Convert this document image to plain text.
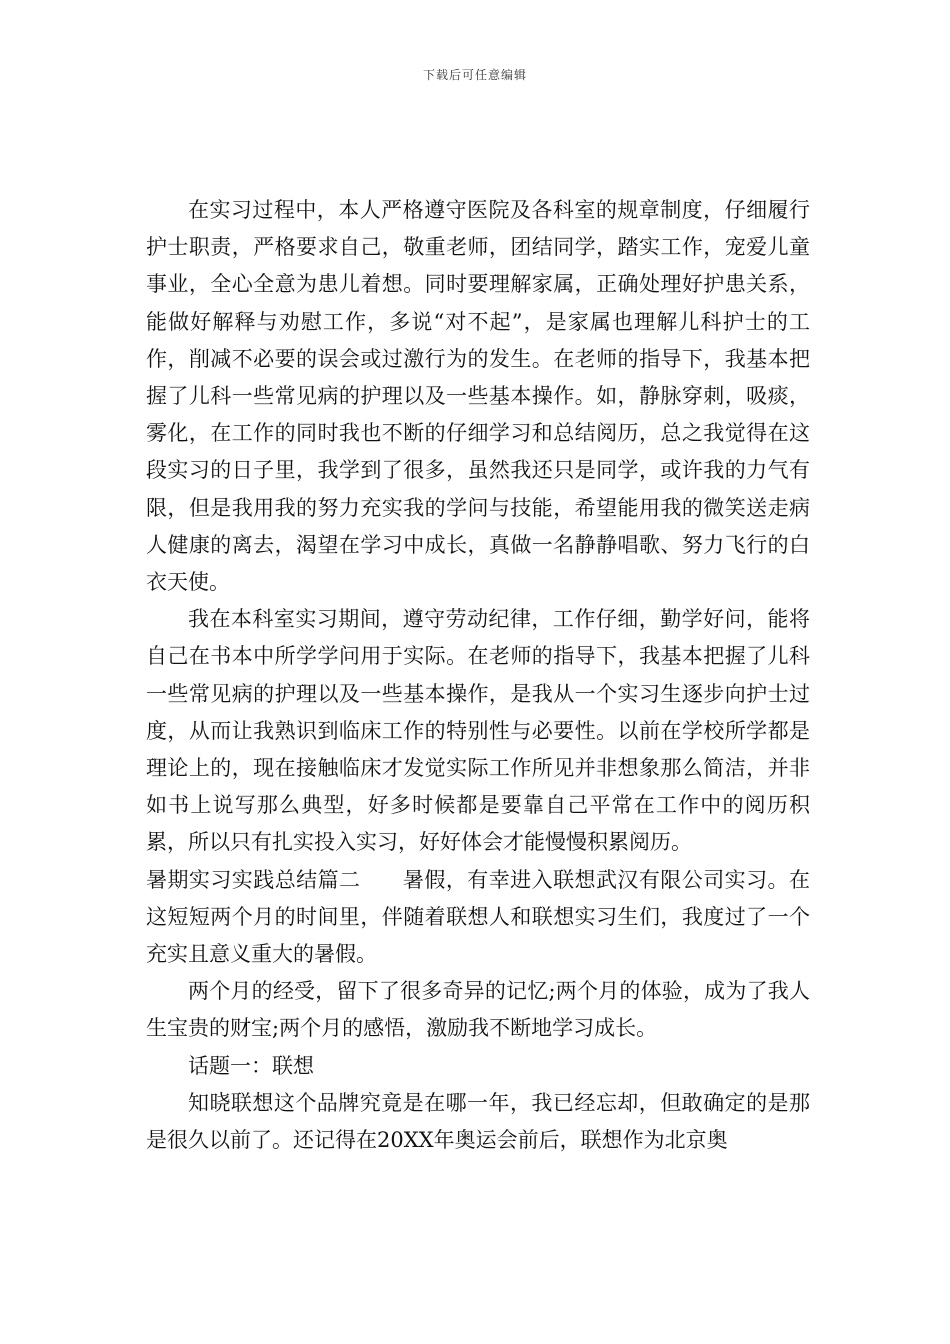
下载后可任意编辑

在实习过程中，本人严格遵守医院及各科室的规章制度，仔细履行护士职责，严格要求自己，敬重老师，团结同学，踏实工作，宠爱儿童事业，全心全意为患儿着想。同时要理解家属，正确处理好护患关系，能做好解释与劝慰工作，多说“对不起”，是家属也理解儿科护士的工作，削减不必要的误会或过激行为的发生。在老师的指导下，我基本把握了儿科一些常见病的护理以及一些基本操作。如，静脉穿刺，吸痰，雾化，在工作的同时我也不断的仔细学习和总结阅历，总之我觉得在这段实习的日子里，我学到了很多，虽然我还只是同学，或许我的力气有限，但是我用我的努力充实我的学问与技能，希望能用我的微笑送走病人健康的离去，渴望在学习中成长，真做一名静静唱歌、努力飞行的白衣天使。

我在本科室实习期间，遵守劳动纪律，工作仔细，勤学好问，能将自己在书本中所学学问用于实际。在老师的指导下，我基本把握了儿科一些常见病的护理以及一些基本操作，是我从一个实习生逐步向护士过度，从而让我熟识到临床工作的特别性与必要性。以前在学校所学都是理论上的，现在接触临床才发觉实际工作所见并非想象那么简洁，并非如书上说写那么典型，好多时候都是要靠自己平常在工作中的阅历积累，所以只有扎实投入实习，好好体会才能慢慢积累阅历。

暑期实习实践总结篇二 暑假，有幸进入联想武汉有限公司实习。在这短短两个月的时间里，伴随着联想人和联想实习生们，我度过了一个充实且意义重大的暑假。

两个月的经受，留下了很多奇异的记忆;两个月的体验，成为了我人生宝贵的财宝;两个月的感悟，激励我不断地学习成长。

话题一：联想

知晓联想这个品牌究竟是在哪一年，我已经忘却，但敢确定的是那是很久以前了。还记得在20XX年奥运会前后，联想作为北京奥
